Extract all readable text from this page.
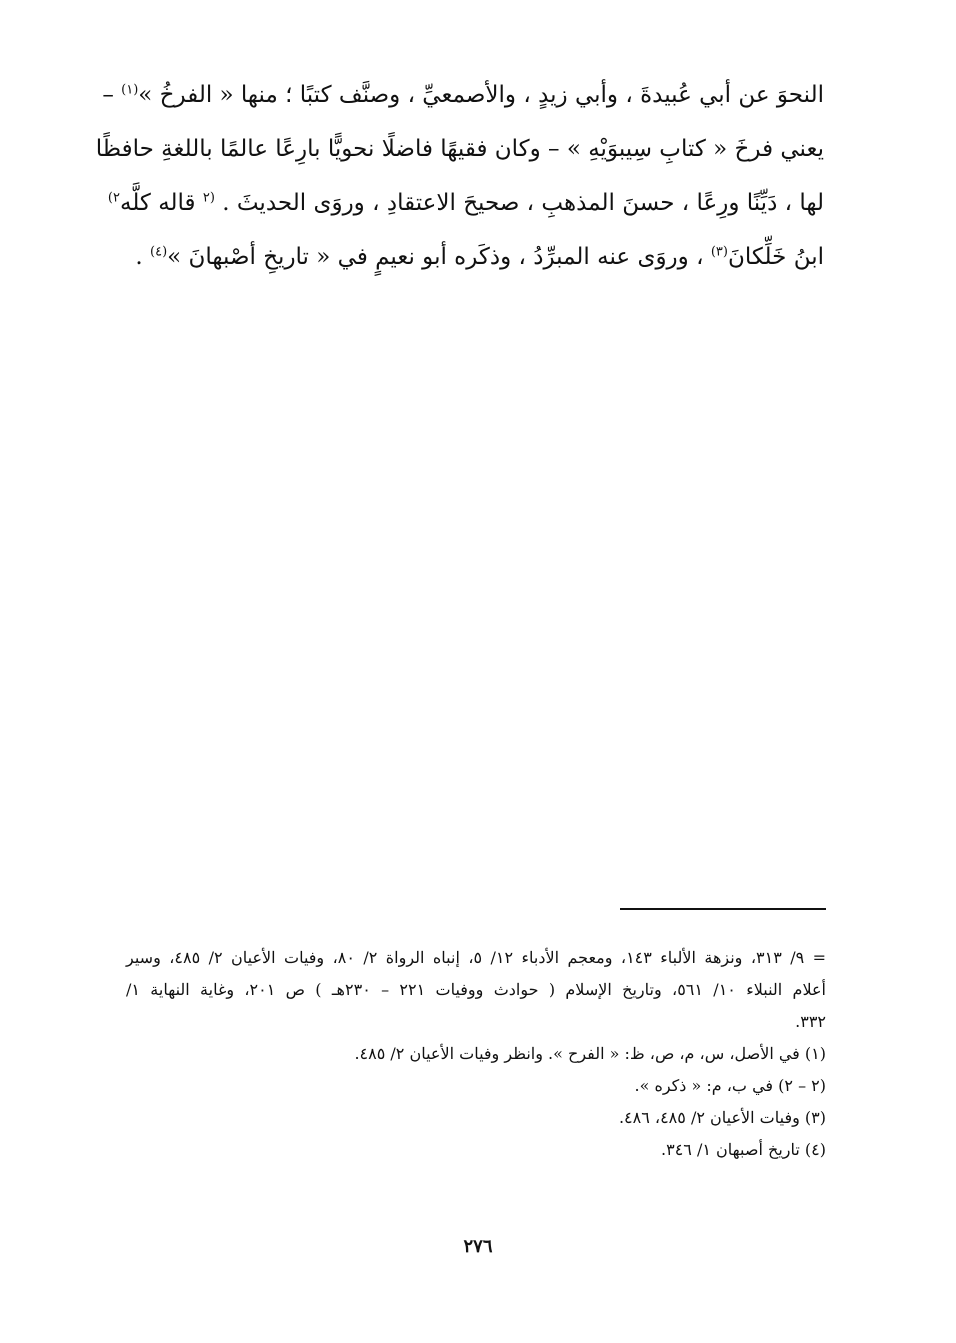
النحوَ عن أبي عُبيدةَ ، وأبي زيدٍ ، والأصمعيِّ ، وصنَّف كتبًا ؛ منها « الفرخُ »$^{(١)}$ –
يعني فرخَ « كتابِ سِيبوَيْهِ » – وكان فقيهًا فاضلًا نحويًّا بارِعًا عالمًا باللغةِ حافظًا
لها ، دَيِّنًا ورِعًا ، حسنَ المذهبِ ، صحيحَ الاعتقادِ ، وروَى الحديثَ . $^{(٢}$ قاله كلَّه$^{٢)}$
ابنُ خَلِّكانَ$^{(٣)}$ ، وروَى عنه المبرِّدُ ، وذكَره أبو نعيمٍ في « تاريخِ أصْبهانَ »$^{(٤)}$ .
= ٩/ ٣١٣، ونزهة الألباء ١٤٣، ومعجم الأدباء ١٢/ ٥، إنباه الرواة ٢/ ٨٠، وفيات الأعيان ٢/ ٤٨٥، وسير
أعلام النبلاء ١٠/ ٥٦١، وتاريخ الإسلام ( حوادث ووفيات ٢٢١ – ٢٣٠هـ ) ص ٢٠١، وغاية النهاية ١/
٣٣٢.
(١) في الأصل، س، م، ص، ظ: « الفرح ». وانظر وفيات الأعيان ٢/ ٤٨٥.
(٢ – ٢) في ب، م: « ذكره ».
(٣) وفيات الأعيان ٢/ ٤٨٥، ٤٨٦.
(٤) تاريخ أصبهان ١/ ٣٤٦.
٢٧٦
